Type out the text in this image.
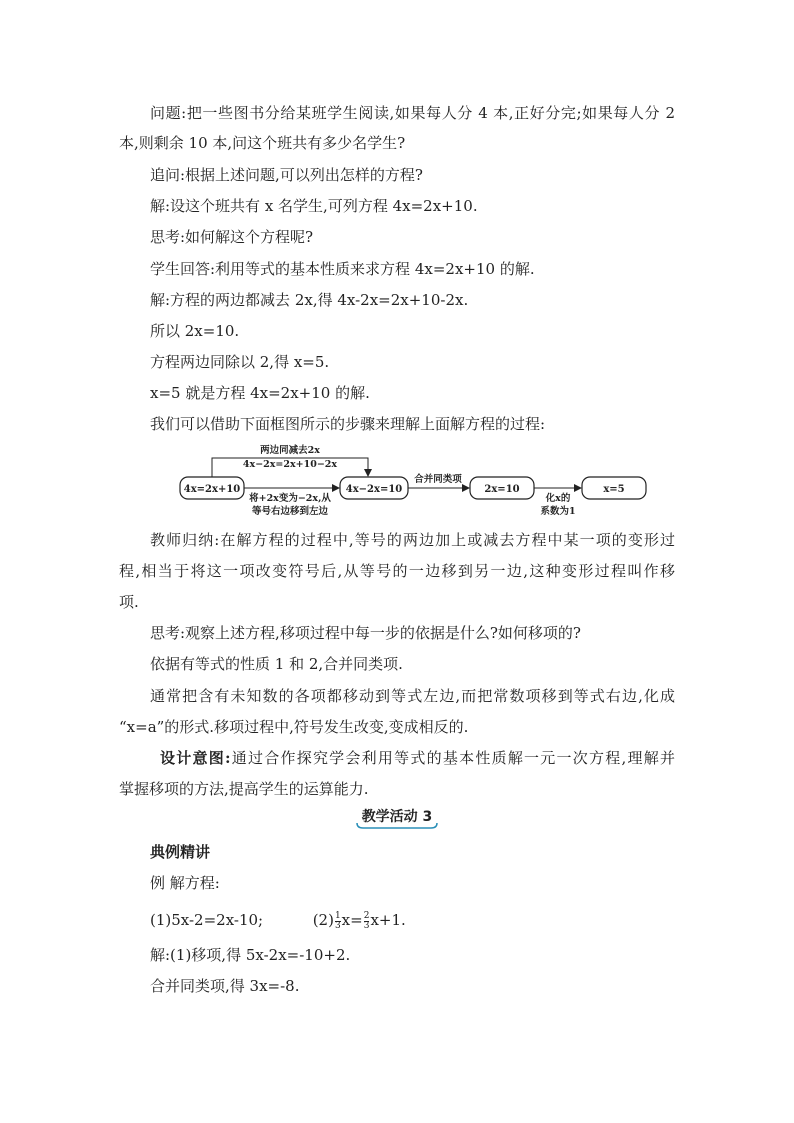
问题:把一些图书分给某班学生阅读,如果每人分 4 本,正好分完;如果每人分 2
本,则剩余 10 本,问这个班共有多少名学生?
追问:根据上述问题,可以列出怎样的方程?
解:设这个班共有 x 名学生,可列方程 4x=2x+10.
思考:如何解这个方程呢?
学生回答:利用等式的基本性质来求方程 4x=2x+10 的解.
解:方程的两边都减去 2x,得 4x-2x=2x+10-2x.
所以 2x=10.
方程两边同除以 2,得 x=5.
x=5 就是方程 4x=2x+10 的解.
我们可以借助下面框图所示的步骤来理解上面解方程的过程:
4x=2x+10	4x−2x=10	2x=10	x=5
两边同减去2x
4x−2x=2x+10−2x
将+2x变为−2x,从
等号右边移到左边
合并同类项
化x的
系数为1
教师归纳:在解方程的过程中,等号的两边加上或减去方程中某一项的变形过
程,相当于将这一项改变符号后,从等号的一边移到另一边,这种变形过程叫作移
项.
思考:观察上述方程,移项过程中每一步的依据是什么?如何移项的?
依据有等式的性质 1 和 2,合并同类项.
通常把含有未知数的各项都移动到等式左边,而把常数项移到等式右边,化成
“x=a”的形式.移项过程中,符号发生改变,变成相反的.
设计意图:通过合作探究学会利用等式的基本性质解一元一次方程,理解并
掌握移项的方法,提高学生的运算能力.
教学活动 3
典例精讲
例 解方程:
(1)5x-2=2x-10;	$(2) \frac{1}{3} x= \frac{2}{3} x+1$.
解:(1)移项,得 5x-2x=-10+2.
合并同类项,得 3x=-8.
